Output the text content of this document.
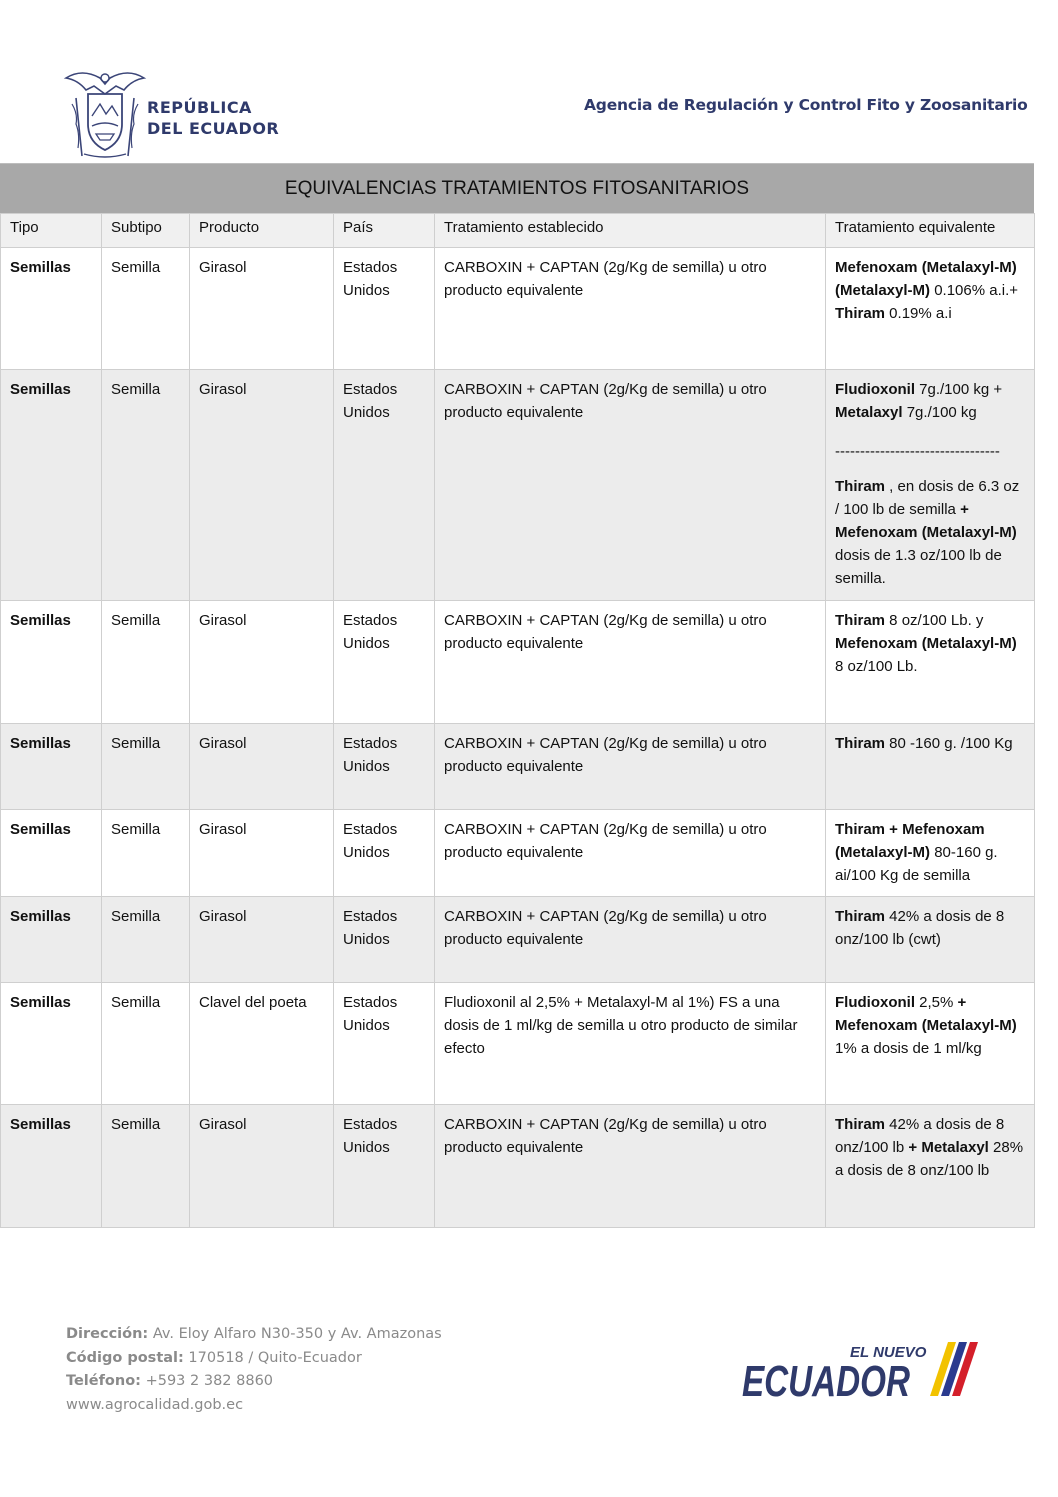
REPÚBLICA
DEL ECUADOR
Agencia de Regulación y Control Fito y Zoosanitario
EQUIVALENCIAS TRATAMIENTOS FITOSANITARIOS
Tipo	Subtipo	Producto	País	Tratamiento establecido	Tratamiento equivalente
Semillas	Semilla	Girasol	Estados Unidos	CARBOXIN + CAPTAN (2g/Kg de semilla) u otro producto equivalente	Mefenoxam (Metalaxyl-M) (Metalaxyl-M) 0.106% a.i.+ Thiram 0.19% a.i
Semillas	Semilla	Girasol	Estados Unidos	CARBOXIN + CAPTAN (2g/Kg de semilla) u otro producto equivalente	Fludioxonil 7g./100 kg + Metalaxyl 7g./100 kg
---------------------------------
Thiram , en dosis de 6.3 oz / 100 lb de semilla + Mefenoxam (Metalaxyl-M) dosis de 1.3 oz/100 lb de semilla.

Semillas	Semilla	Girasol	Estados Unidos	CARBOXIN + CAPTAN (2g/Kg de semilla) u otro producto equivalente	Thiram 8 oz/100 Lb. y Mefenoxam (Metalaxyl-M) 8 oz/100 Lb.
Semillas	Semilla	Girasol	Estados Unidos	CARBOXIN + CAPTAN (2g/Kg de semilla) u otro producto equivalente	Thiram 80 -160 g. /100 Kg
Semillas	Semilla	Girasol	Estados Unidos	CARBOXIN + CAPTAN (2g/Kg de semilla) u otro producto equivalente	Thiram + Mefenoxam (Metalaxyl-M) 80-160 g. ai/100 Kg de semilla
Semillas	Semilla	Girasol	Estados Unidos	CARBOXIN + CAPTAN (2g/Kg de semilla) u otro producto equivalente	Thiram 42% a dosis de 8 onz/100 lb (cwt)
Semillas	Semilla	Clavel del poeta	Estados Unidos	Fludioxonil al 2,5% + Metalaxyl-M al 1%) FS a una dosis de 1 ml/kg de semilla u otro producto de similar efecto	Fludioxonil 2,5% + Mefenoxam (Metalaxyl-M) 1% a dosis de 1 ml/kg
Semillas	Semilla	Girasol	Estados Unidos	CARBOXIN + CAPTAN (2g/Kg de semilla) u otro producto equivalente	Thiram 42% a dosis de 8 onz/100 lb + Metalaxyl 28% a dosis de 8 onz/100 lb
Dirección: Av. Eloy Alfaro N30-350 y Av. Amazonas
Código postal: 170518 / Quito-Ecuador
Teléfono: +593 2 382 8860
www.agrocalidad.gob.ec
EL NUEVO
ECUADOR
